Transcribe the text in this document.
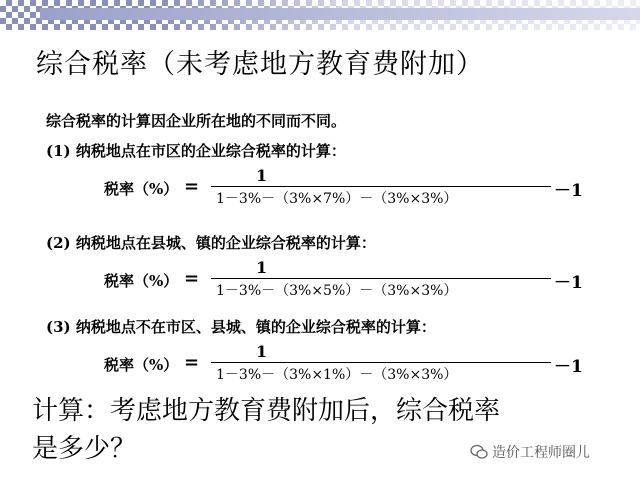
综合税率（未考虑地方教育费附加）
综合税率的计算因企业所在地的不同而不同。
(1) 纳税地点在市区的企业综合税率的计算：
税率（%） =
1
1－3%－（3%×7%）－（3%×3%）	－1
(2) 纳税地点在县城、镇的企业综合税率的计算：
税率（%） =
1
1－3%－（3%×5%）－（3%×3%）	－1
(3) 纳税地点不在市区、县城、镇的企业综合税率的计算：
税率（%） =
1
1－3%－（3%×1%）－（3%×3%）	－1
计算：考虑地方教育费附加后，综合税率
是多少？	造价工程师圈儿
